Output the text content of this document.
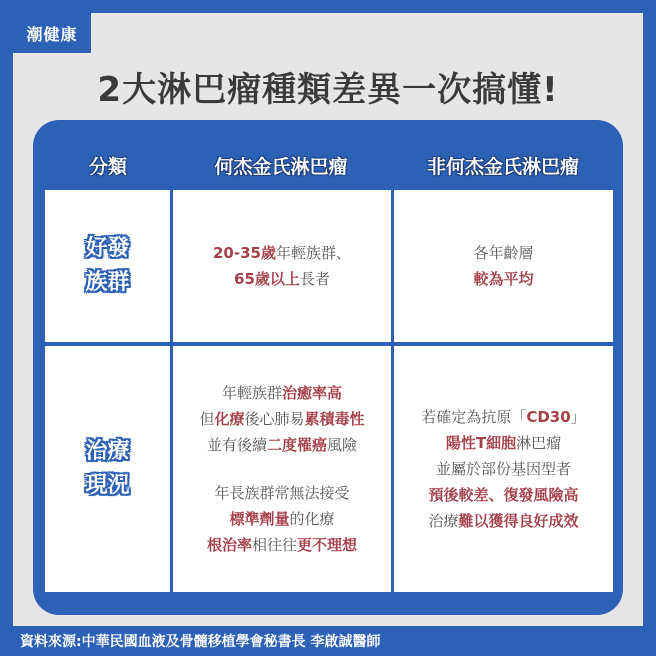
潮健康
2大淋巴瘤種類差異一次搞懂!
分類	何杰金氏淋巴瘤	非何杰金氏淋巴瘤
好發
族群
20-35歲年輕族群、
65歲以上長者
各年齡層
較為平均
治療
現況
年輕族群治癒率高
但化療後心肺易累積毒性
並有後續二度罹癌風險
年長族群常無法接受
標準劑量的化療
根治率相往往更不理想
若確定為抗原「CD30」
陽性T細胞淋巴瘤
並屬於部份基因型者
預後較差、復發風險高
治療難以獲得良好成效
資料來源:中華民國血液及骨髓移植學會秘書長 李啟誠醫師
